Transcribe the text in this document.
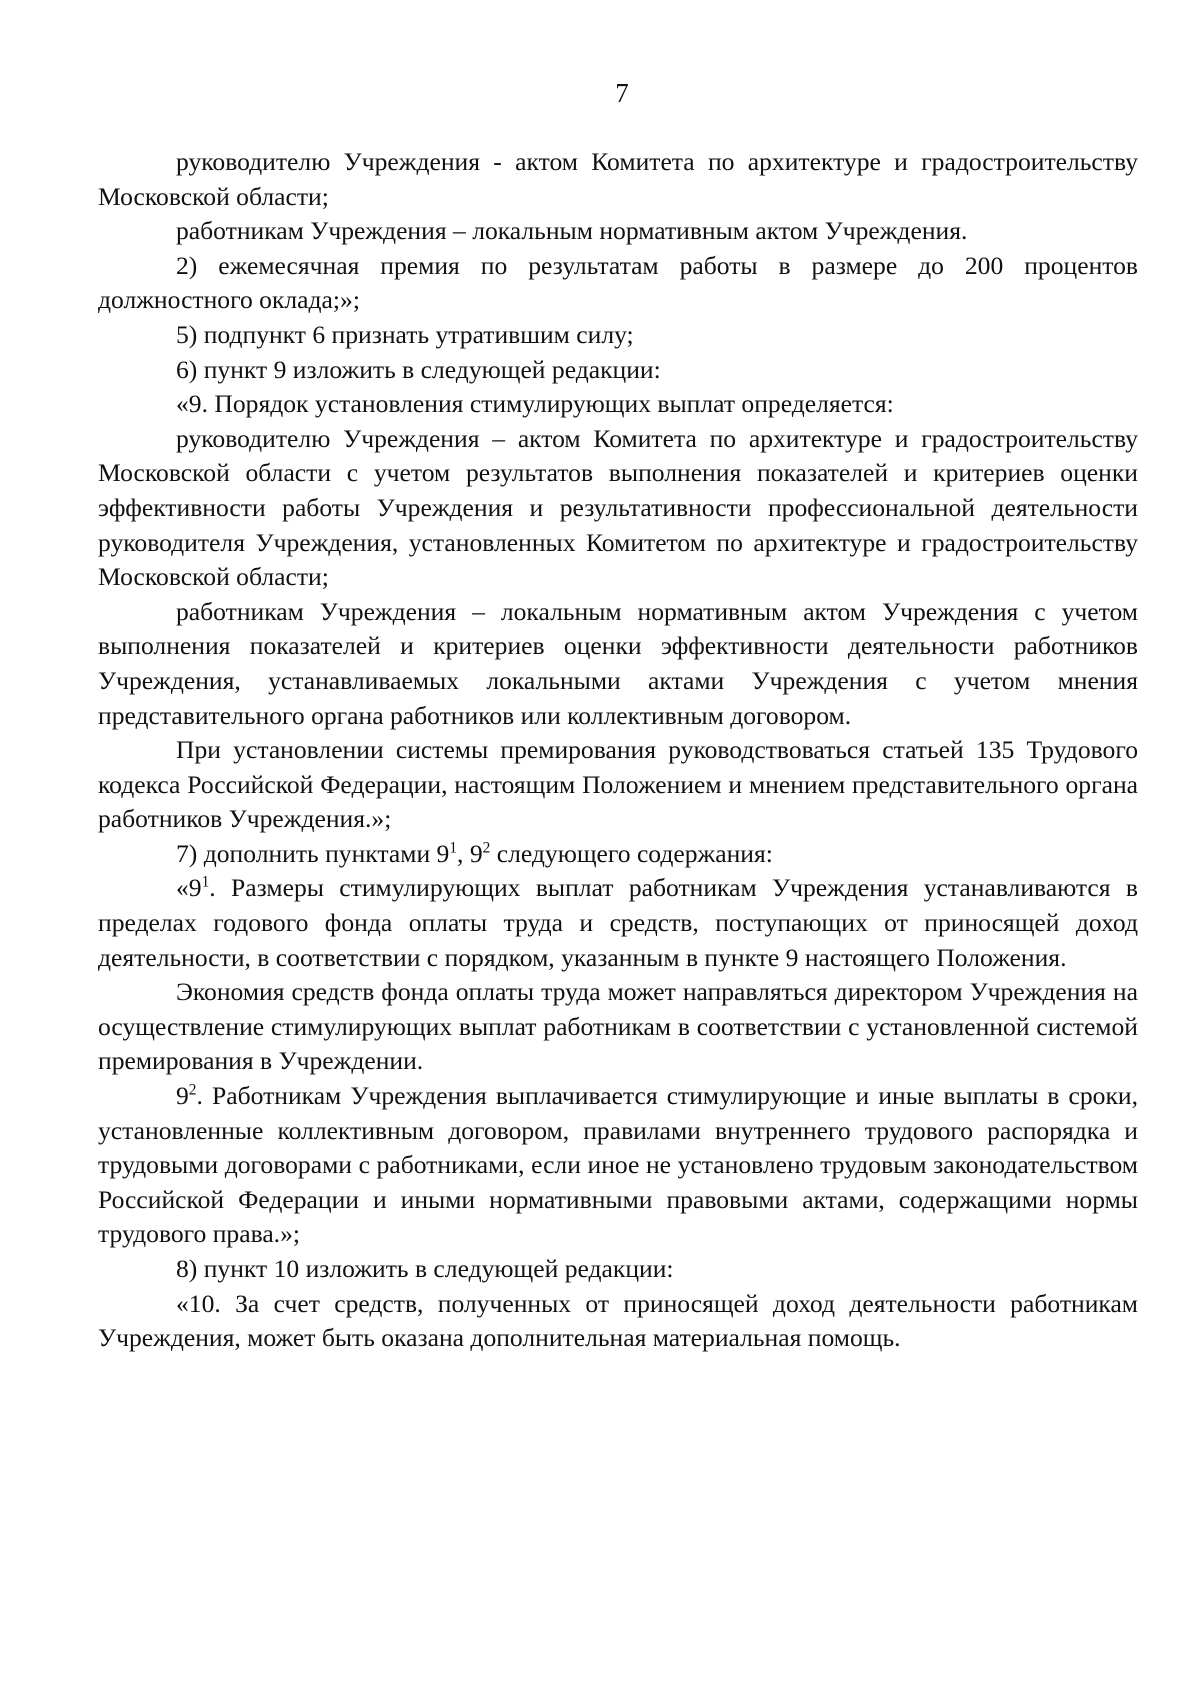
7

руководителю Учреждения - актом Комитета по архитектуре и градостроительству Московской области;

работникам Учреждения – локальным нормативным актом Учреждения.

2) ежемесячная премия по результатам работы в размере до 200 процентов должностного оклада;»;

5) подпункт 6 признать утратившим силу;

6) пункт 9 изложить в следующей редакции:

«9. Порядок установления стимулирующих выплат определяется:

руководителю Учреждения – актом Комитета по архитектуре и градостроительству Московской области с учетом результатов выполнения показателей и критериев оценки эффективности работы Учреждения и результативности профессиональной деятельности руководителя Учреждения, установленных Комитетом по архитектуре и градостроительству Московской области;

работникам Учреждения – локальным нормативным актом Учреждения с учетом выполнения показателей и критериев оценки эффективности деятельности работников Учреждения, устанавливаемых локальными актами Учреждения с учетом мнения представительного органа работников или коллективным договором.

При установлении системы премирования руководствоваться статьей 135 Трудового кодекса Российской Федерации, настоящим Положением и мнением представительного органа работников Учреждения.»;

7) дополнить пунктами $9^1$, $9^2$ следующего содержания:

«$9^1$. Размеры стимулирующих выплат работникам Учреждения устанавливаются в пределах годового фонда оплаты труда и средств, поступающих от приносящей доход деятельности, в соответствии с порядком, указанным в пункте 9 настоящего Положения.

Экономия средств фонда оплаты труда может направляться директором Учреждения на осуществление стимулирующих выплат работникам в соответствии с установленной системой премирования в Учреждении.

$9^2$. Работникам Учреждения выплачивается стимулирующие и иные выплаты в сроки, установленные коллективным договором, правилами внутреннего трудового распорядка и трудовыми договорами с работниками, если иное не установлено трудовым законодательством Российской Федерации и иными нормативными правовыми актами, содержащими нормы трудового права.»;

8) пункт 10 изложить в следующей редакции:

«10. За счет средств, полученных от приносящей доход деятельности работникам Учреждения, может быть оказана дополнительная материальная помощь.
